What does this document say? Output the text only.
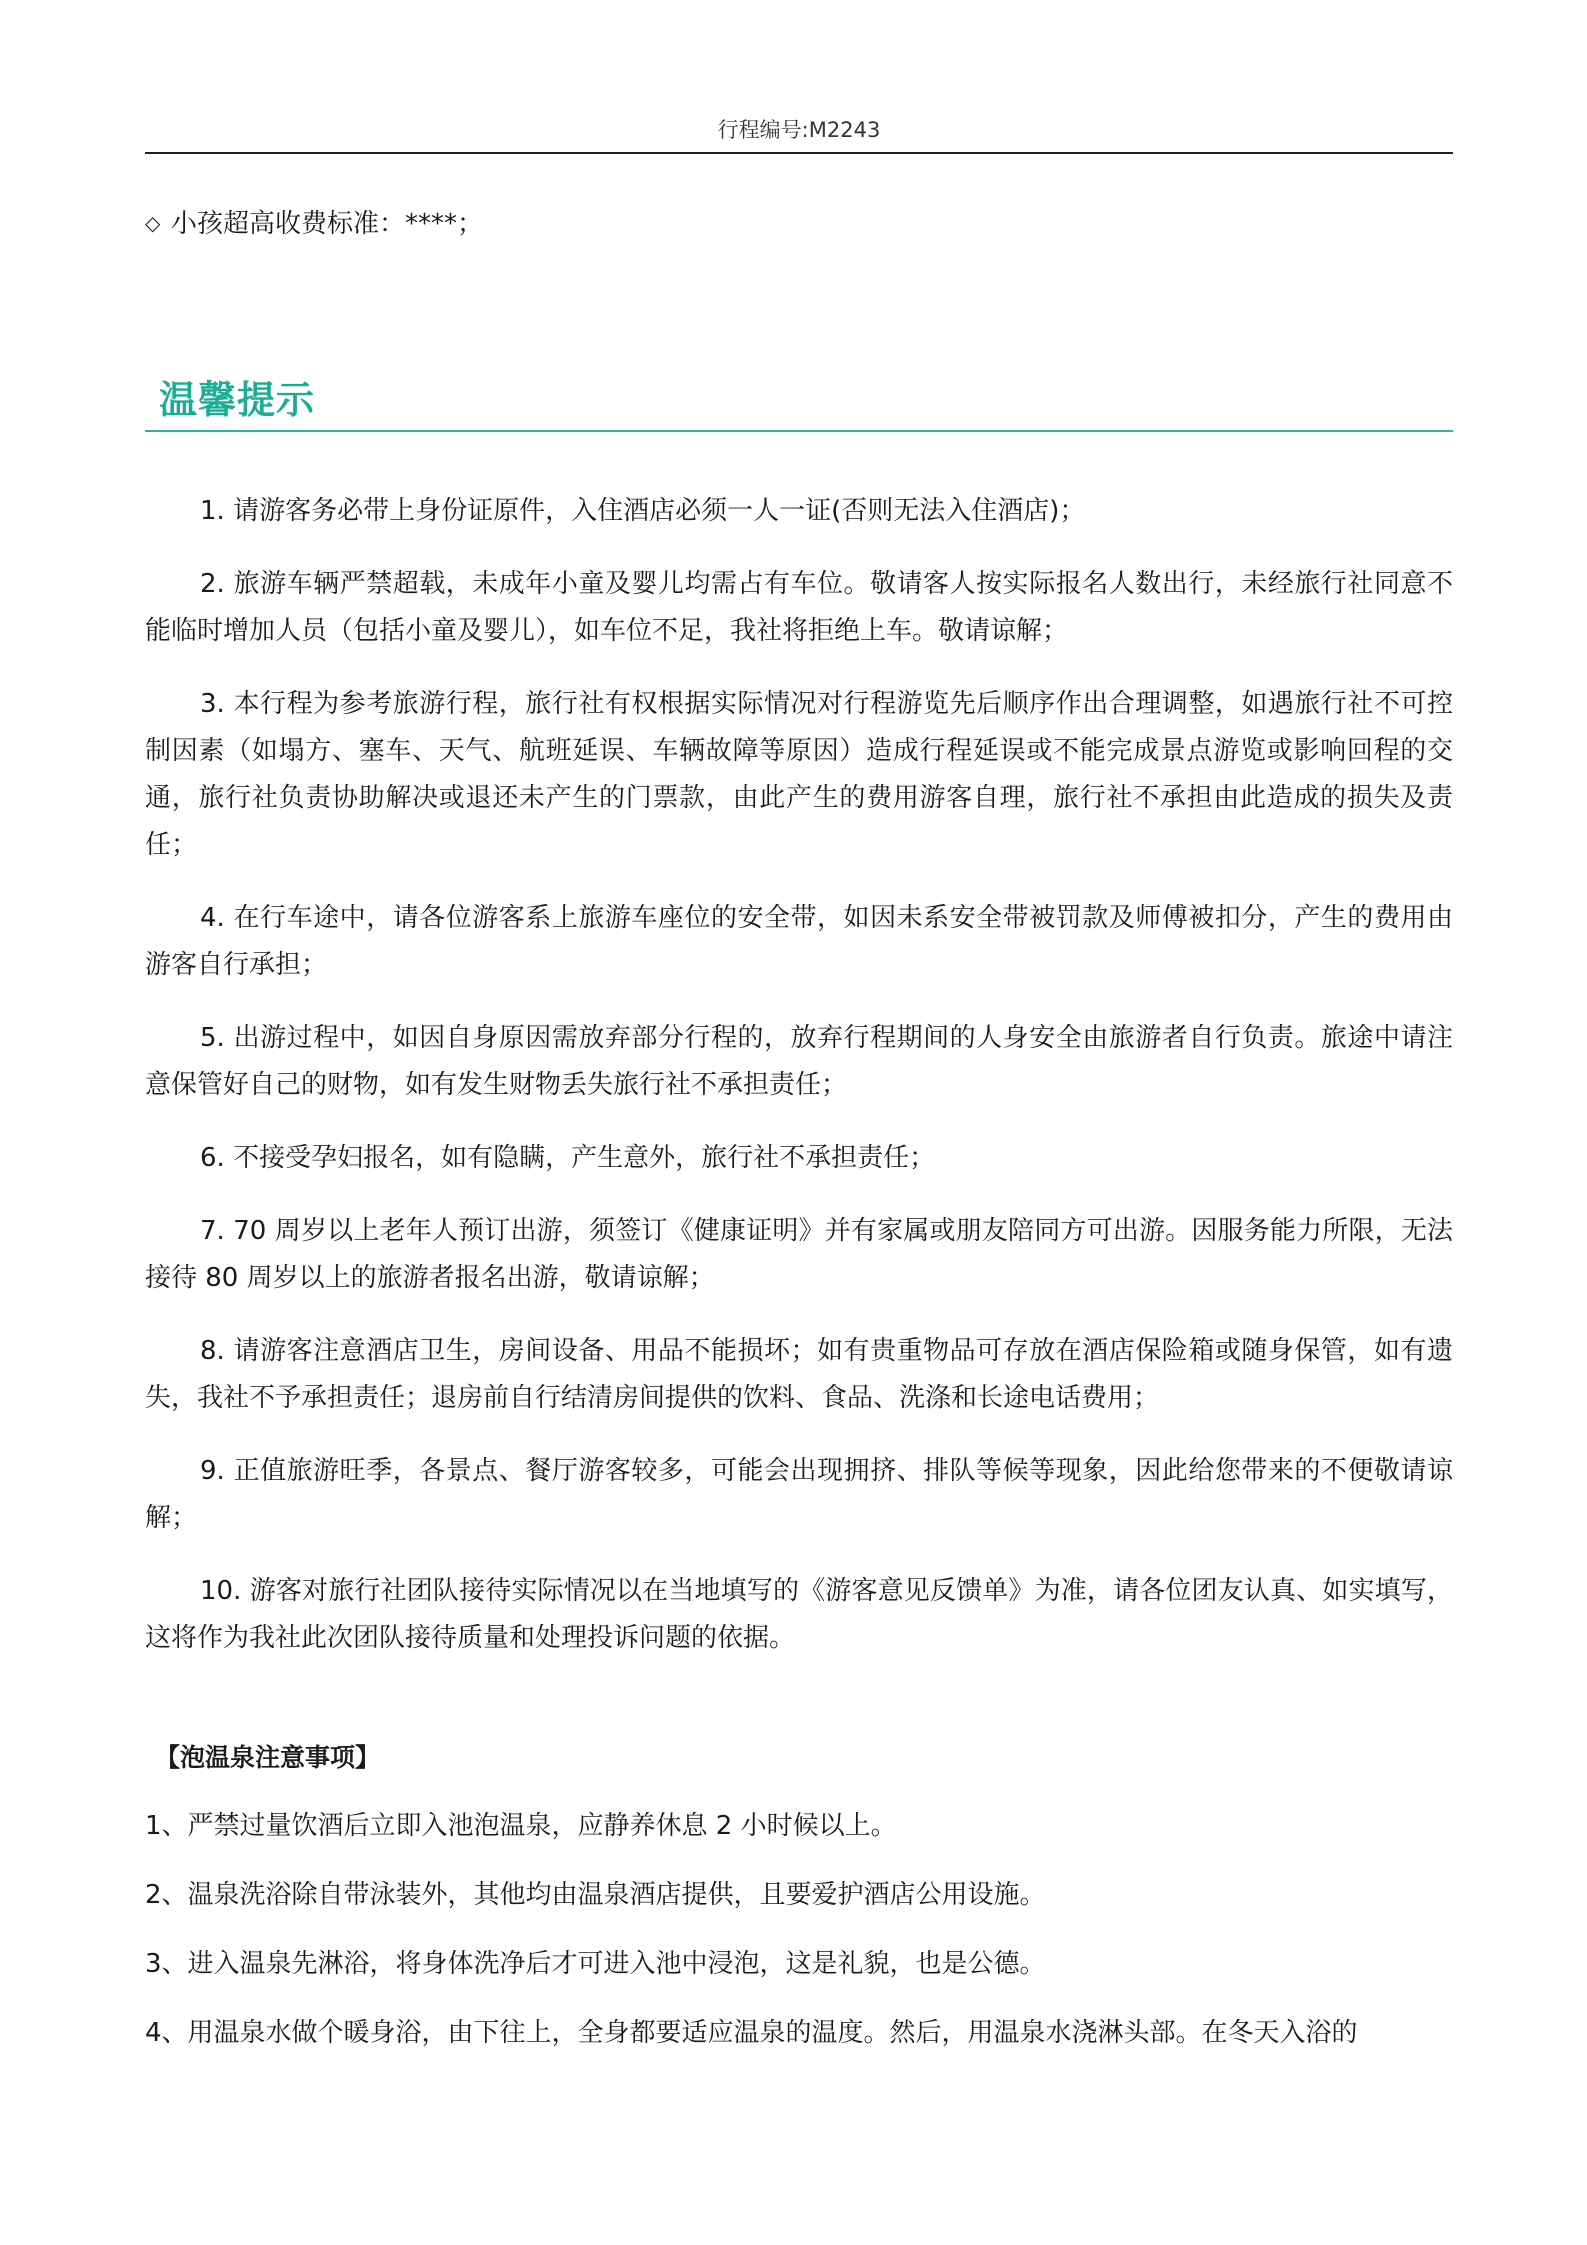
行程编号:M2243
◇ 小孩超高收费标准：****；
温馨提示

1. 请游客务必带上身份证原件，入住酒店必须一人一证(否则无法入住酒店)；

2. 旅游车辆严禁超载，未成年小童及婴儿均需占有车位。敬请客人按实际报名人数出行，未经旅行社同意不能临时增加人员（包括小童及婴儿），如车位不足，我社将拒绝上车。敬请谅解；

3. 本行程为参考旅游行程，旅行社有权根据实际情况对行程游览先后顺序作出合理调整，如遇旅行社不可控制因素（如塌方、塞车、天气、航班延误、车辆故障等原因）造成行程延误或不能完成景点游览或影响回程的交通，旅行社负责协助解决或退还未产生的门票款，由此产生的费用游客自理，旅行社不承担由此造成的损失及责任；

4. 在行车途中，请各位游客系上旅游车座位的安全带，如因未系安全带被罚款及师傅被扣分，产生的费用由游客自行承担；

5. 出游过程中，如因自身原因需放弃部分行程的，放弃行程期间的人身安全由旅游者自行负责。旅途中请注意保管好自己的财物，如有发生财物丢失旅行社不承担责任；

6. 不接受孕妇报名，如有隐瞒，产生意外，旅行社不承担责任；

7. 70 周岁以上老年人预订出游，须签订《健康证明》并有家属或朋友陪同方可出游。因服务能力所限，无法接待 80 周岁以上的旅游者报名出游，敬请谅解；

8. 请游客注意酒店卫生，房间设备、用品不能损坏；如有贵重物品可存放在酒店保险箱或随身保管，如有遗失，我社不予承担责任；退房前自行结清房间提供的饮料、食品、洗涤和长途电话费用；

9. 正值旅游旺季，各景点、餐厅游客较多，可能会出现拥挤、排队等候等现象，因此给您带来的不便敬请谅解；

10. 游客对旅行社团队接待实际情况以在当地填写的《游客意见反馈单》为准，请各位团友认真、如实填写，这将作为我社此次团队接待质量和处理投诉问题的依据。

【泡温泉注意事项】
1、严禁过量饮酒后立即入池泡温泉，应静养休息 2 小时候以上。
2、温泉洗浴除自带泳装外，其他均由温泉酒店提供，且要爱护酒店公用设施。
3、进入温泉先淋浴，将身体洗净后才可进入池中浸泡，这是礼貌，也是公德。
4、用温泉水做个暖身浴，由下往上，全身都要适应温泉的温度。然后，用温泉水浇淋头部。在冬天入浴的
